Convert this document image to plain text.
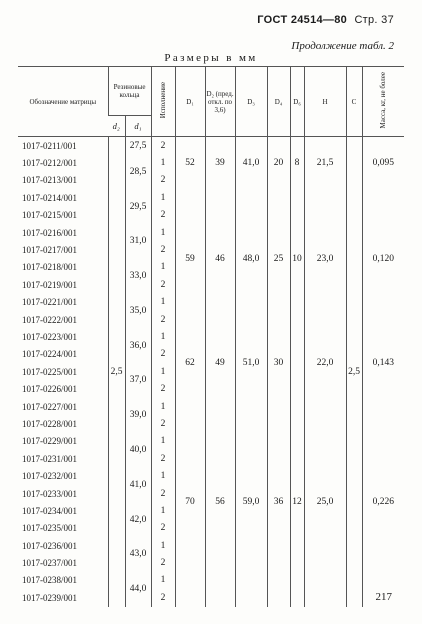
ГОСТ 24514—80 Стр. 37
Продолжение табл. 2
Размеры в мм
Обозначение матрицы	Резиновые кольца		Исполнение	D₁	D₂ (пред. откл. по 3,6)	D₃	D₄	D₆	H	C	Масса, кг, не более
	d₂	d₁									
1017-0211/001	2,5	27,5	2	52	39	41,0	20	8	21,5	2,5	0,095
1017-0212/001		28,5	1								
1017-0213/001			2								
1017-0214/001		29,5	1	59	46	48,0	25	10	23,0		0,120
1017-0215/001			2								
1017-0216/001		31,0	1								
1017-0217/001			2								
1017-0218/001		33,0	1								
1017-0219/001			2								
1017-0221/001		35,0	1								
1017-0222/001			2								
1017-0223/001		36,0	1	62	49	51,0	30		22,0		0,143
1017-0224/001			2								
1017-0225/001		37,0	1								
1017-0226/001			2								
1017-0227/001		39,0	1	70	56	59,0	36	12	25,0		0,226
1017-0228/001			2								
1017-0229/001		40,0	1								
1017-0231/001			2								
1017-0232/001		41,0	1								
1017-0233/001			2								
1017-0234/001		42,0	1								
1017-0235/001			2								
1017-0236/001		43,0	1								
1017-0237/001			2								
1017-0238/001		44,0	1								
1017-0239/001			2									217
